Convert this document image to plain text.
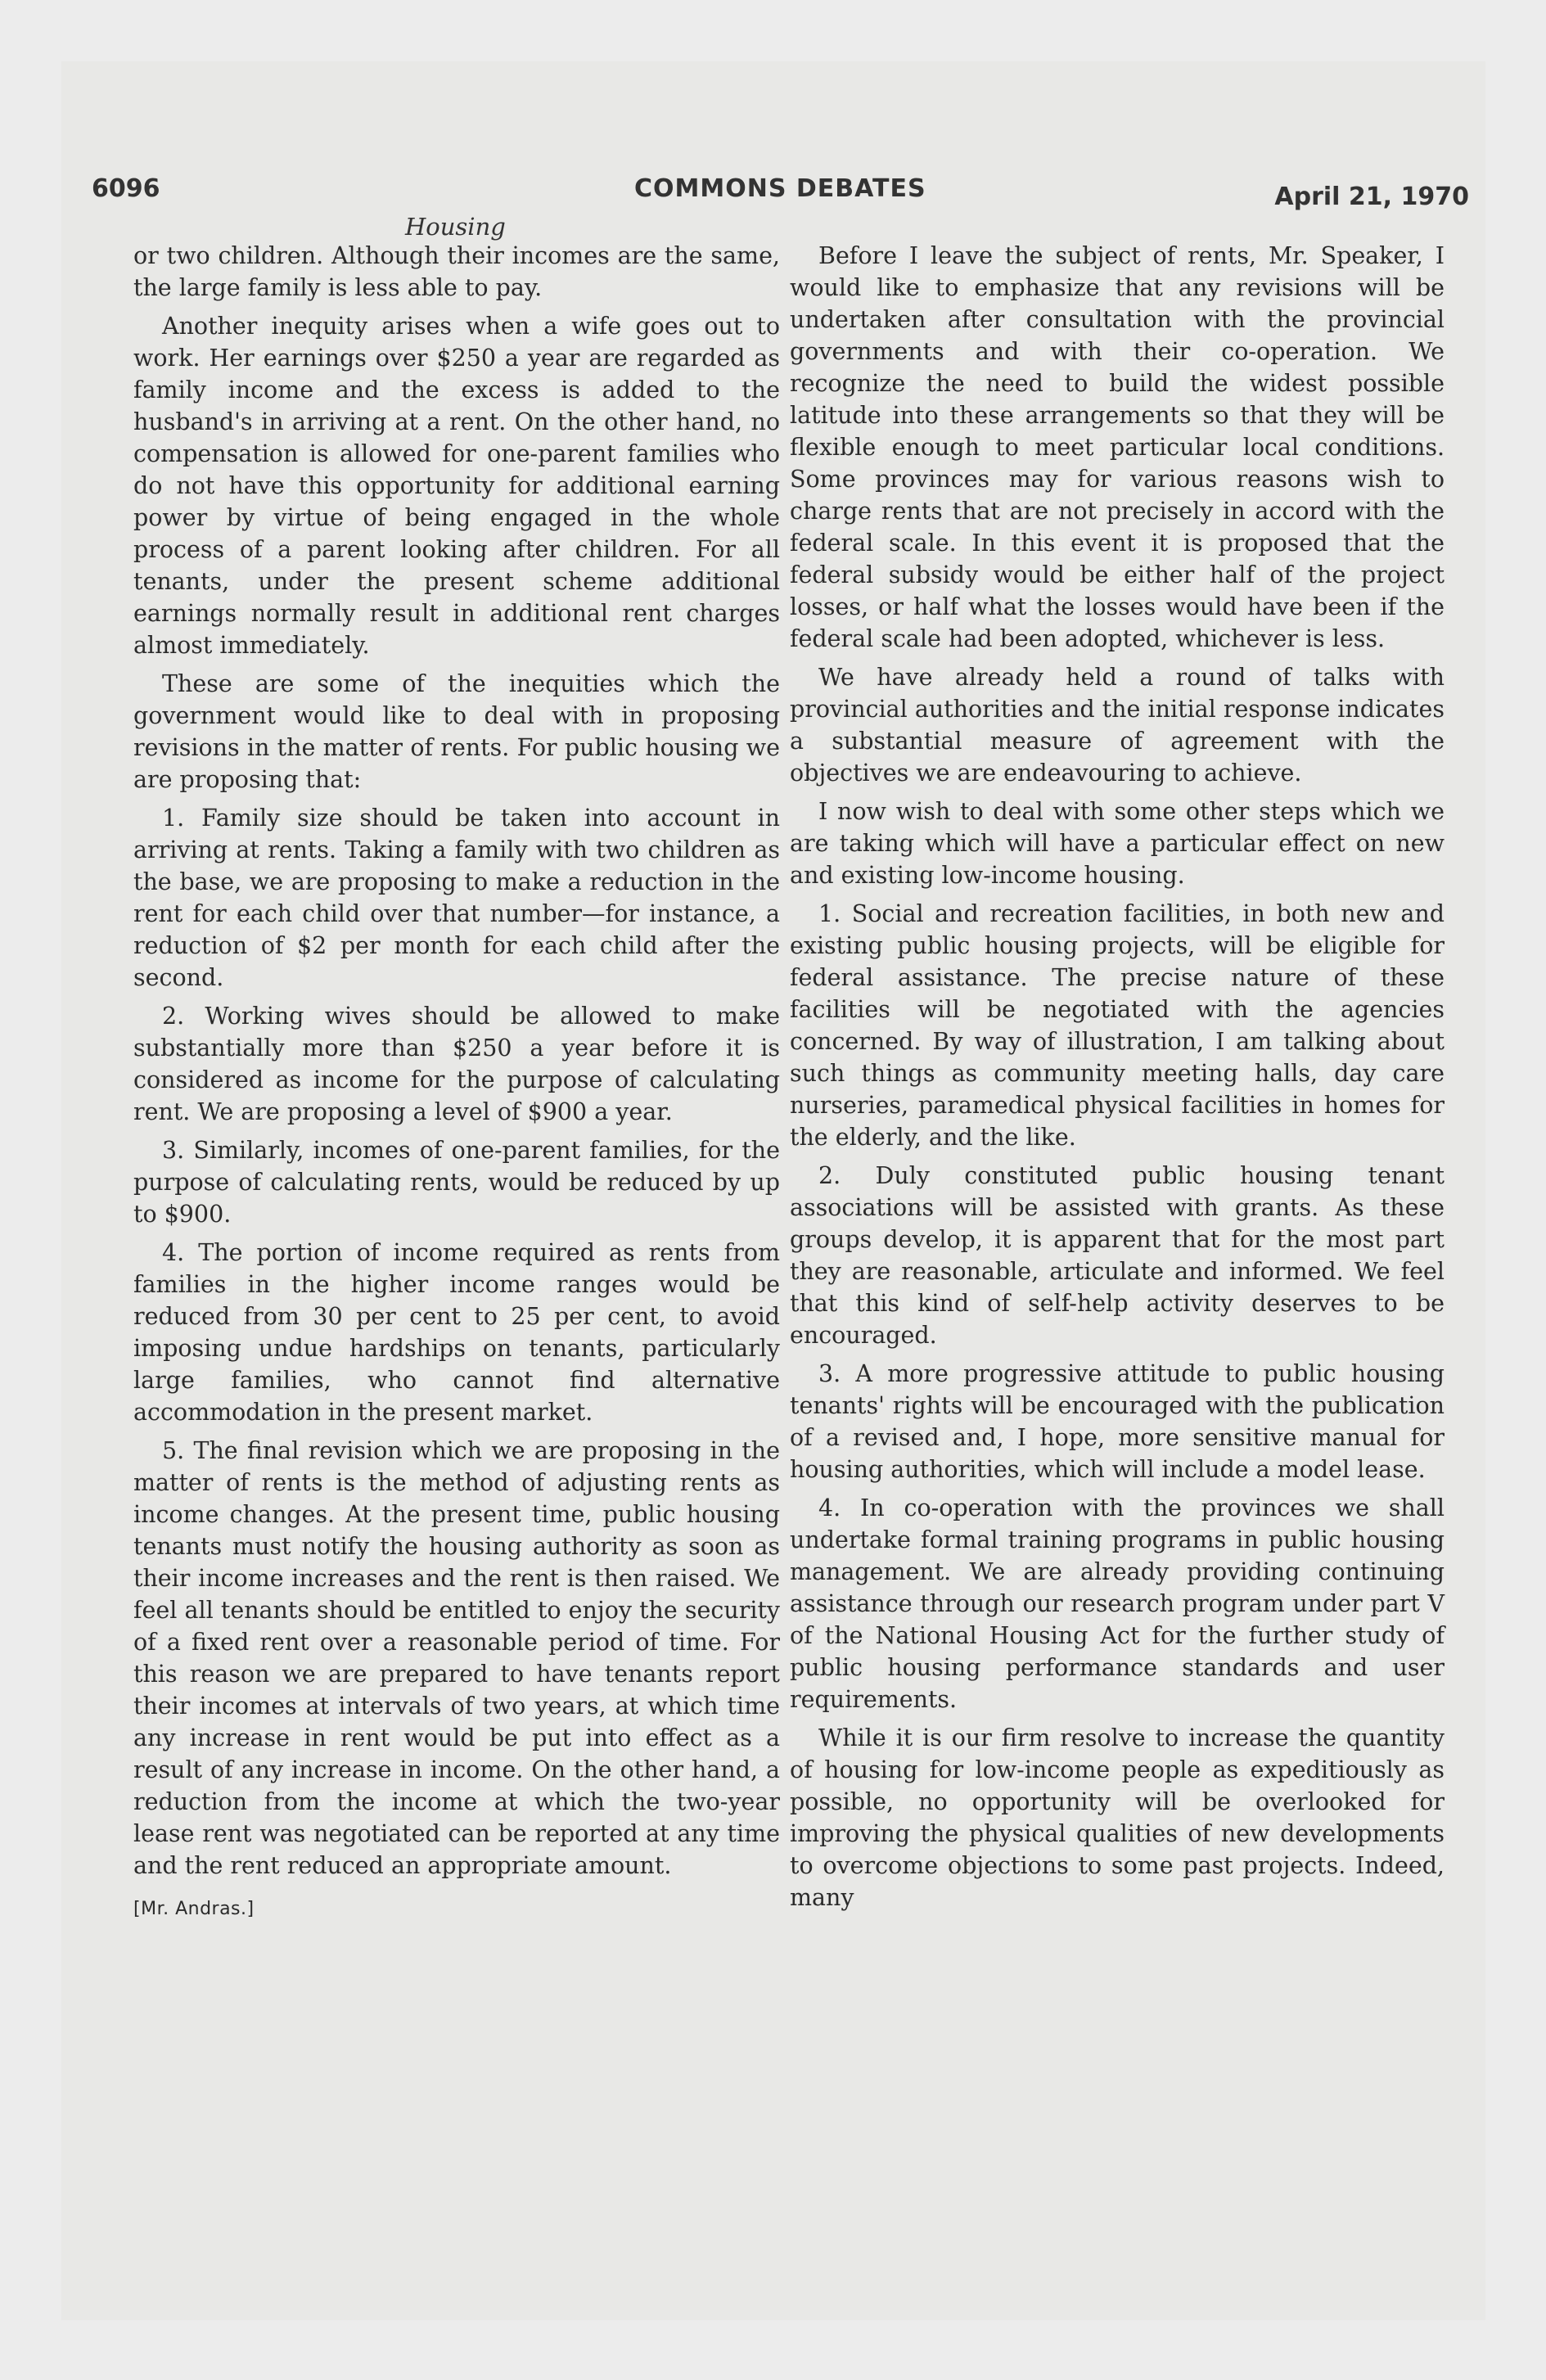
6096	COMMONS DEBATES	April 21, 1970
Housing

or two children. Although their incomes are the same, the large family is less able to pay.

Another inequity arises when a wife goes out to work. Her earnings over $250 a year are regarded as family income and the excess is added to the husband's in arriving at a rent. On the other hand, no compensation is allowed for one-parent families who do not have this opportunity for additional earning power by virtue of being engaged in the whole process of a parent looking after children. For all tenants, under the present scheme additional earnings normally result in additional rent charges almost immediately.

These are some of the inequities which the government would like to deal with in proposing revisions in the matter of rents. For public housing we are proposing that:

1. Family size should be taken into account in arriving at rents. Taking a family with two children as the base, we are proposing to make a reduction in the rent for each child over that number—for instance, a reduction of $2 per month for each child after the second.

2. Working wives should be allowed to make substantially more than $250 a year before it is considered as income for the purpose of calculating rent. We are proposing a level of $900 a year.

3. Similarly, incomes of one-parent families, for the purpose of calculating rents, would be reduced by up to $900.

4. The portion of income required as rents from families in the higher income ranges would be reduced from 30 per cent to 25 per cent, to avoid imposing undue hardships on tenants, particularly large families, who cannot find alternative accommodation in the present market.

5. The final revision which we are proposing in the matter of rents is the method of adjusting rents as income changes. At the present time, public housing tenants must notify the housing authority as soon as their income increases and the rent is then raised. We feel all tenants should be entitled to enjoy the security of a fixed rent over a reasonable period of time. For this reason we are prepared to have tenants report their incomes at intervals of two years, at which time any increase in rent would be put into effect as a result of any increase in income. On the other hand, a reduction from the income at which the two-year lease rent was negotiated can be reported at any time and the rent reduced an appropriate amount.

[Mr. Andras.]

Before I leave the subject of rents, Mr. Speaker, I would like to emphasize that any revisions will be undertaken after consultation with the provincial governments and with their co-operation. We recognize the need to build the widest possible latitude into these arrangements so that they will be flexible enough to meet particular local conditions. Some provinces may for various reasons wish to charge rents that are not precisely in accord with the federal scale. In this event it is proposed that the federal subsidy would be either half of the project losses, or half what the losses would have been if the federal scale had been adopted, whichever is less.

We have already held a round of talks with provincial authorities and the initial response indicates a substantial measure of agreement with the objectives we are endeavouring to achieve.

I now wish to deal with some other steps which we are taking which will have a particular effect on new and existing low-income housing.

1. Social and recreation facilities, in both new and existing public housing projects, will be eligible for federal assistance. The precise nature of these facilities will be negotiated with the agencies concerned. By way of illustration, I am talking about such things as community meeting halls, day care nurseries, paramedical physical facilities in homes for the elderly, and the like.

2. Duly constituted public housing tenant associations will be assisted with grants. As these groups develop, it is apparent that for the most part they are reasonable, articulate and informed. We feel that this kind of self-help activity deserves to be encouraged.

3. A more progressive attitude to public housing tenants' rights will be encouraged with the publication of a revised and, I hope, more sensitive manual for housing authorities, which will include a model lease.

4. In co-operation with the provinces we shall undertake formal training programs in public housing management. We are already providing continuing assistance through our research program under part V of the National Housing Act for the further study of public housing performance standards and user requirements.

While it is our firm resolve to increase the quantity of housing for low-income people as expeditiously as possible, no opportunity will be overlooked for improving the physical qualities of new developments to overcome objections to some past projects. Indeed, many
